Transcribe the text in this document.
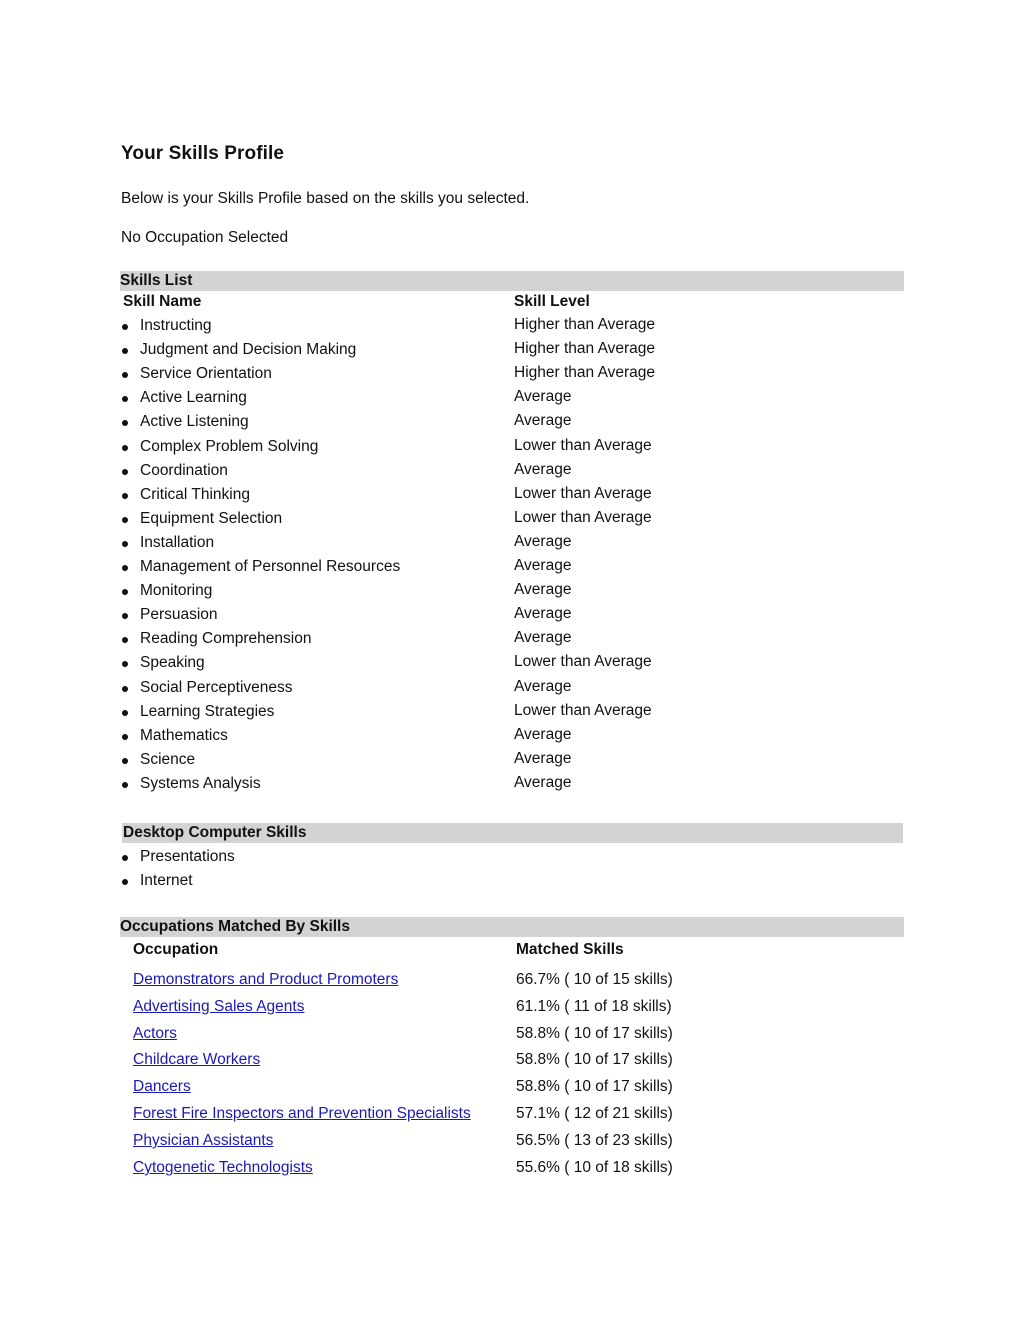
Your Skills Profile
Below is your Skills Profile based on the skills you selected.
No Occupation Selected
Skills List
Skill Name	Skill Level
Instructing	Higher than Average
Judgment and Decision Making	Higher than Average
Service Orientation	Higher than Average
Active Learning	Average
Active Listening	Average
Complex Problem Solving	Lower than Average
Coordination	Average
Critical Thinking	Lower than Average
Equipment Selection	Lower than Average
Installation	Average
Management of Personnel Resources	Average
Monitoring	Average
Persuasion	Average
Reading Comprehension	Average
Speaking	Lower than Average
Social Perceptiveness	Average
Learning Strategies	Lower than Average
Mathematics	Average
Science	Average
Systems Analysis	Average
Desktop Computer Skills
Presentations
Internet
Occupations Matched By Skills
Occupation	Matched Skills
Demonstrators and Product Promoters	66.7% ( 10 of 15 skills)
Advertising Sales Agents	61.1% ( 11 of 18 skills)
Actors	58.8% ( 10 of 17 skills)
Childcare Workers	58.8% ( 10 of 17 skills)
Dancers	58.8% ( 10 of 17 skills)
Forest Fire Inspectors and Prevention Specialists	57.1% ( 12 of 21 skills)
Physician Assistants	56.5% ( 13 of 23 skills)
Cytogenetic Technologists	55.6% ( 10 of 18 skills)
